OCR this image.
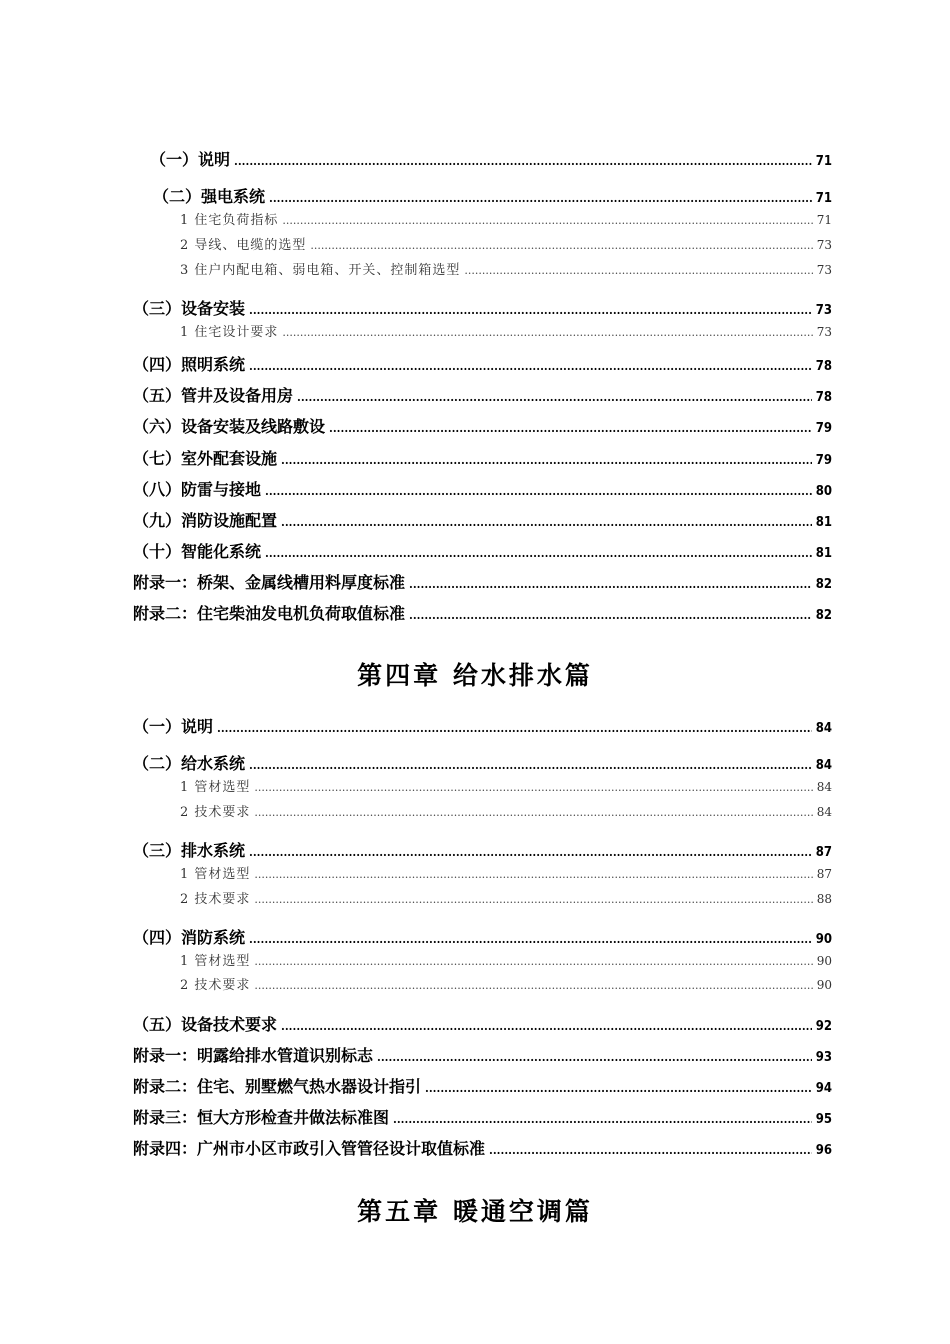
（一）说明 .....	71
（二）强电系统 .....	71
1 住宅负荷指标 .....	71
2 导线、电缆的选型 .....	73
3 住户内配电箱、弱电箱、开关、控制箱选型 .....	73
（三）设备安装 .....	73
1 住宅设计要求 .....	73
（四）照明系统 .....	78
（五）管井及设备用房 .....	78
（六）设备安装及线路敷设 .....	79
（七）室外配套设施 .....	79
（八）防雷与接地 .....	80
（九）消防设施配置 .....	81
（十）智能化系统 .....	81
附录一：桥架、金属线槽用料厚度标准 .....	82
附录二：住宅柴油发电机负荷取值标准 .....	82
第四章 给水排水篇
（一）说明 .....	84
（二）给水系统 .....	84
1 管材选型 .....	84
2 技术要求 .....	84
（三）排水系统 .....	87
1 管材选型 .....	87
2 技术要求 .....	88
（四）消防系统 .....	90
1 管材选型 .....	90
2 技术要求 .....	90
（五）设备技术要求 .....	92
附录一：明露给排水管道识别标志 .....	93
附录二：住宅、别墅燃气热水器设计指引 .....	94
附录三：恒大方形检查井做法标准图 .....	95
附录四：广州市小区市政引入管管径设计取值标准 .....	96
第五章 暖通空调篇
